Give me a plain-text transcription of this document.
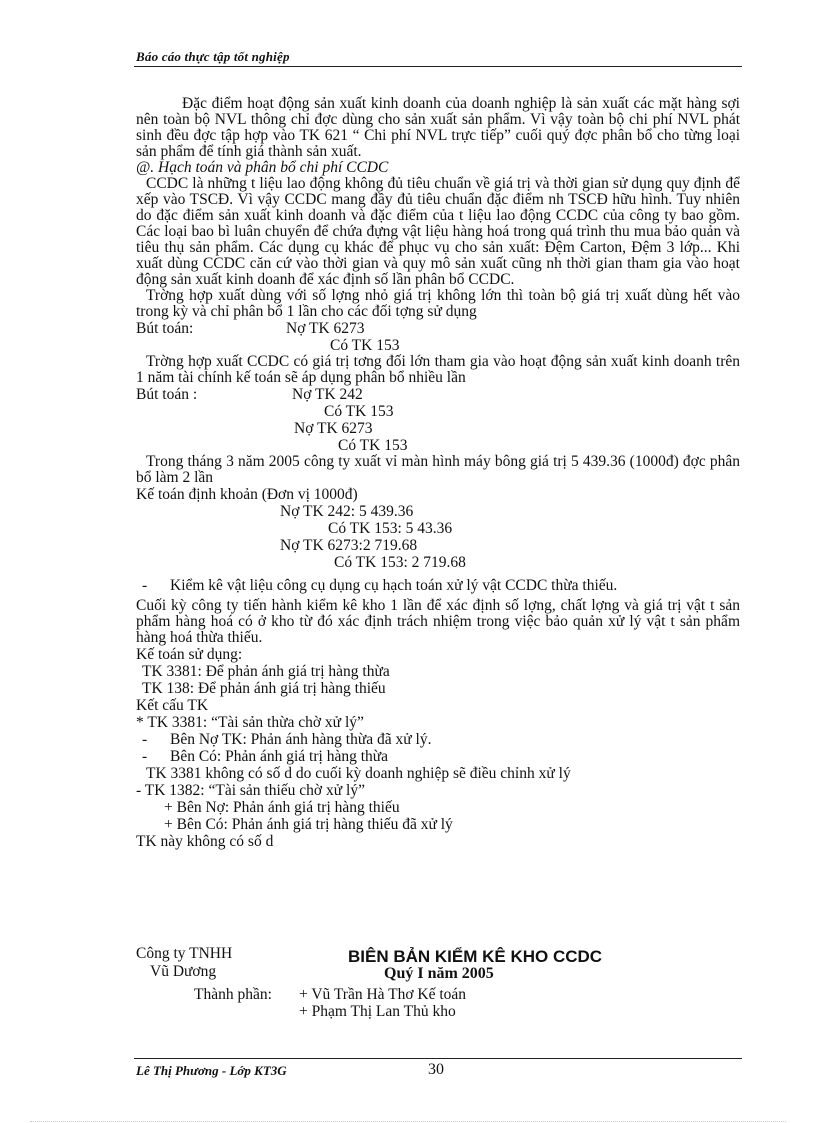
Báo cáo thực tập tốt nghiệp

Đặc điểm hoạt động sản xuất kinh doanh của doanh nghiệp là sản xuất các mặt hàng sợi nên toàn bộ NVL thông chỉ đợc dùng cho sản xuất sản phẩm. Vì vậy toàn bộ chi phí NVL phát sinh đều đợc tập hợp vào TK 621 “ Chi phí NVL trực tiếp” cuối quý đợc phân bổ cho từng loại sản phẩm để tính giá thành sản xuất.

@. Hạch toán và phân bổ chi phí CCDC

CCDC là những t liệu lao động không đủ tiêu chuẩn về giá trị và thời gian sử dụng quy định để xếp vào TSCĐ. Vì vậy CCDC mang đầy đủ tiêu chuẩn đặc điểm nh TSCĐ hữu hình. Tuy nhiên do đặc điểm sản xuất kinh doanh và đặc điểm của t liệu lao động CCDC của công ty bao gồm. Các loại bao bì luân chuyển để chứa đựng vật liệu hàng hoá trong quá trình thu mua bảo quản và tiêu thụ sản phẩm. Các dụng cụ khác để phục vụ cho sản xuất: Đệm Carton, Đệm 3 lớp... Khi xuất dùng CCDC căn cứ vào thời gian và quy mô sản xuất cũng nh thời gian tham gia vào hoạt động sản xuất kinh doanh để xác định số lần phân bổ CCDC.

Trờng hợp xuất dùng với số lợng nhỏ giá trị không lớn thì toàn bộ giá trị xuất dùng hết vào trong kỳ và chỉ phân bổ 1 lần cho các đối tợng sử dụng

Bút toán:	Nợ TK 6273
Có TK 153

Trờng hợp xuất CCDC có giá trị tơng đối lớn tham gia vào hoạt động sản xuất kinh doanh trên 1 năm tài chính kế toán sẽ áp dụng phân bổ nhiều lần

Bút toán :	Nợ TK 242
Có TK 153
Nợ TK 6273
Có TK 153

Trong tháng 3 năm 2005 công ty xuất vỉ màn hình máy bông giá trị 5 439.36 (1000đ) đợc phân bổ làm 2 lần

Kế toán định khoản (Đơn vị 1000đ)
Nợ TK 242: 5 439.36
Có TK 153: 5 43.36
Nợ TK 6273:2 719.68
Có TK 153: 2 719.68
- Kiểm kê vật liệu công cụ dụng cụ hạch toán xử lý vật CCDC thừa thiếu.

Cuối kỳ công ty tiến hành kiểm kê kho 1 lần để xác định số lợng, chất lợng và giá trị vật t sản phẩm hàng hoá có ở kho từ đó xác định trách nhiệm trong việc bảo quản xử lý vật t sản phẩm hàng hoá thừa thiếu.

Kế toán sử dụng:
TK 3381: Để phản ánh giá trị hàng thừa
TK 138: Để phản ánh giá trị hàng thiếu
Kết cấu TK
* TK 3381: “Tài sản thừa chờ xử lý”
- Bên Nợ TK: Phản ánh hàng thừa đã xử lý.
- Bên Có: Phản ánh giá trị hàng thừa
TK 3381 không có số d do cuối kỳ doanh nghiệp sẽ điều chỉnh xử lý
- TK 1382: “Tài sản thiếu chờ xử lý”
+ Bên Nợ: Phản ánh giá trị hàng thiếu
+ Bên Có: Phản ánh giá trị hàng thiếu đã xử lý
TK này không có số d
Công ty TNHH
Vũ Dương
BIÊN BẢN KIỂM KÊ KHO CCDC
Quý I năm 2005
Thành phần: + Vũ Trần Hà Thơ Kế toán
+ Phạm Thị Lan Thủ kho
Lê Thị Phương - Lớp KT3G	30
